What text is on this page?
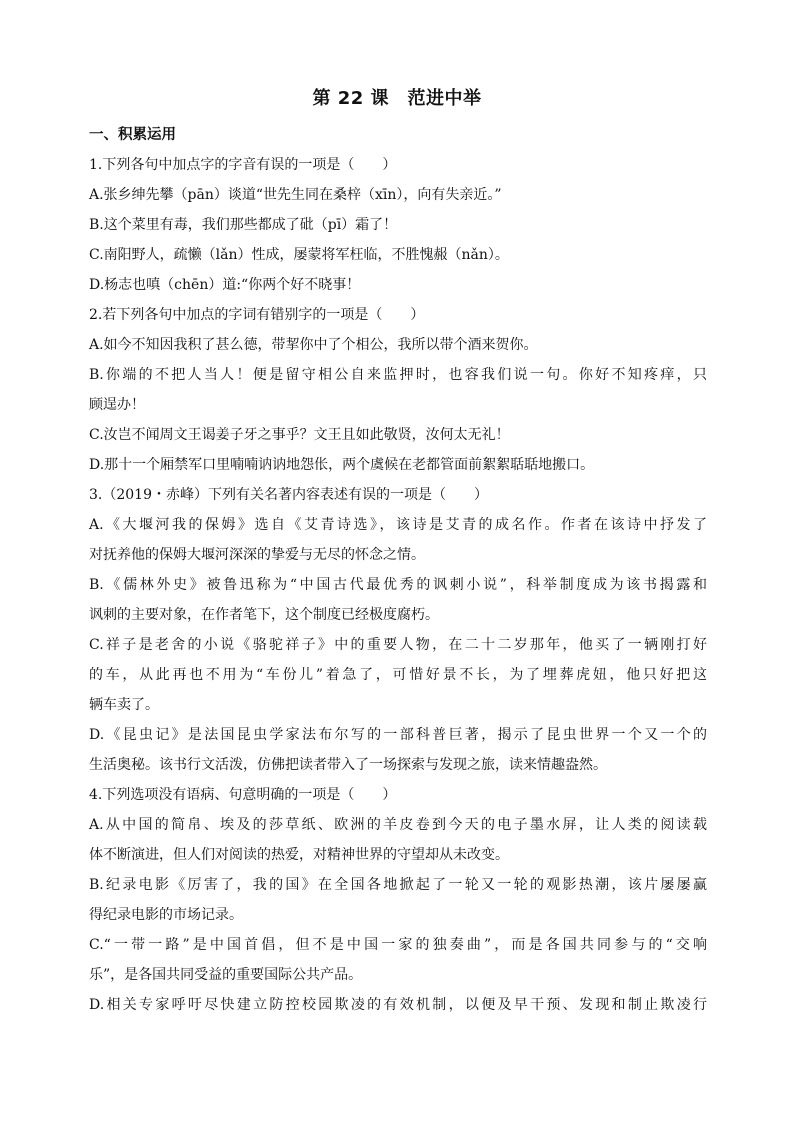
第 22 课　范进中举
一、积累运用
1.下列各句中加点字的字音有误的一项是（　　）
A.张乡绅先攀（pān）谈道“世先生同在桑梓（xīn），向有失亲近。”
B.这个菜里有毒，我们那些都成了砒（pī）霜了！
C.南阳野人，疏懒（lǎn）性成，屡蒙将军枉临，不胜愧赧（nǎn）。
D.杨志也嗔（chēn）道:“你两个好不晓事！
2.若下列各句中加点的字词有错别字的一项是（　　）
A.如今不知因我积了甚么德，带挈你中了个相公，我所以带个酒来贺你。
B.你端的不把人当人！便是留守相公自来监押时，也容我们说一句。你好不知疼痒，只
顾逞办！
C.汝岂不闻周文王谒姜子牙之事乎？文王且如此敬贤，汝何太无礼！
D.那十一个厢禁军口里喃喃讷讷地怨伥，两个虞候在老都管面前絮絮聒聒地搬口。
3.（2019・赤峰）下列有关名著内容表述有误的一项是（　　）
A.《大堰河我的保姆》选自《艾青诗选》，该诗是艾青的成名作。作者在该诗中抒发了
对抚养他的保姆大堰河深深的挚爱与无尽的怀念之情。
B.《儒林外史》被鲁迅称为“中国古代最优秀的讽刺小说”，科举制度成为该书揭露和
讽刺的主要对象，在作者笔下，这个制度已经极度腐朽。
C.祥子是老舍的小说《骆驼祥子》中的重要人物，在二十二岁那年，他买了一辆刚打好
的车，从此再也不用为“车份儿”着急了，可惜好景不长，为了埋葬虎妞，他只好把这
辆车卖了。
D.《昆虫记》是法国昆虫学家法布尔写的一部科普巨著，揭示了昆虫世界一个又一个的
生活奥秘。该书行文活泼，仿佛把读者带入了一场探索与发现之旅，读来情趣盎然。
4.下列选项没有语病、句意明确的一项是（　　）
A.从中国的简帛、埃及的莎草纸、欧洲的羊皮卷到今天的电子墨水屏，让人类的阅读载
体不断演进，但人们对阅读的热爱，对精神世界的守望却从未改变。
B.纪录电影《厉害了，我的国》在全国各地掀起了一轮又一轮的观影热潮，该片屡屡赢
得纪录电影的市场记录。
C.“一带一路”是中国首倡，但不是中国一家的独奏曲”，而是各国共同参与的“交响
乐”，是各国共同受益的重要国际公共产品。
D.相关专家呼吁尽快建立防控校园欺凌的有效机制，以便及早干预、发现和制止欺凌行
